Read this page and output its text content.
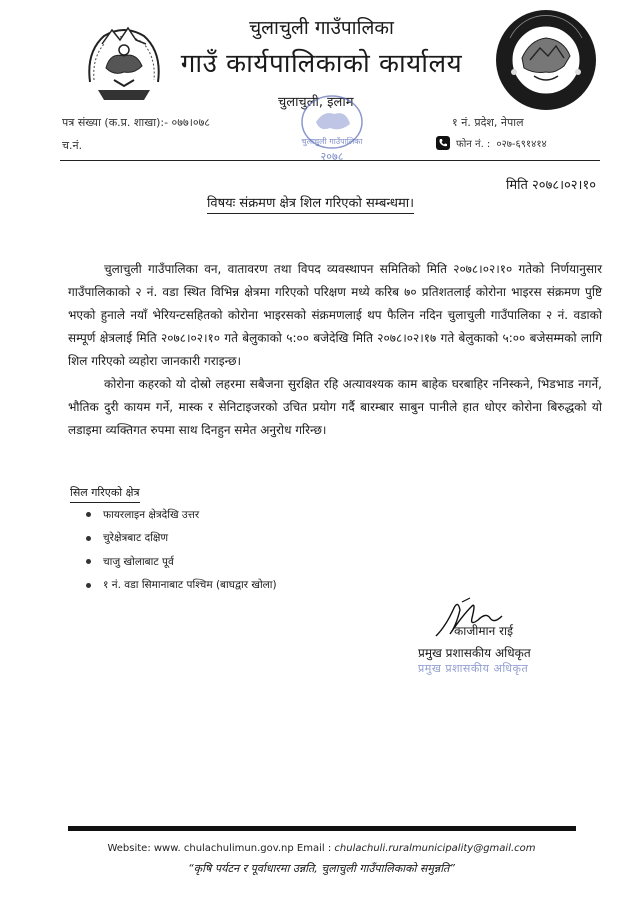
चुलाचुली गाउँपालिका
गाउँ कार्यपालिकाको कार्यालय
चुलाचुली, इलाम
पत्र संख्या (क.प्र. शाखा):- ०७७।०७८
च.नं.
१ नं. प्रदेश, नेपाल
फोन नं. : ०२७-६९१४१४
चुलाचुली गाउँपालिका
२०७८
मिति २०७८।०२।१०
विषयः संक्रमण क्षेत्र शिल गरिएको सम्बन्धमा।

चुलाचुली गाउँपालिका वन, वातावरण तथा विपद व्यवस्थापन समितिको मिति २०७८।०२।१० गतेको निर्णयानुसार गाउँपालिकाको २ नं. वडा स्थित विभिन्न क्षेत्रमा गरिएको परिक्षण मध्ये करिब ७० प्रतिशतलाई कोरोना भाइरस संक्रमण पुष्टि भएको हुनाले नयाँ भेरियन्टसहितको कोरोना भाइरसको संक्रमणलाई थप फैलिन नदिन चुलाचुली गाउँपालिका २ नं. वडाको सम्पूर्ण क्षेत्रलाई मिति २०७८।०२।१० गते बेलुकाको ५:०० बजेदेखि मिति २०७८।०२।१७ गते बेलुकाको ५:०० बजेसम्मको लागि शिल गरिएको व्यहोरा जानकारी गराइन्छ।

कोरोना कहरको यो दोस्रो लहरमा सबैजना सुरक्षित रहि अत्यावश्यक काम बाहेक घरबाहिर ननिस्कने, भिडभाड नगर्ने, भौतिक दुरी कायम गर्ने, मास्क र सेनिटाइजरको उचित प्रयोग गर्दै बारम्बार साबुन पानीले हात धोएर कोरोना बिरुद्धको यो लडाइमा व्यक्तिगत रुपमा साथ दिनहुन समेत अनुरोध गरिन्छ।

सिल गरिएको क्षेत्र
फायरलाइन क्षेत्रदेखि उत्तर
चुरेक्षेत्रबाट दक्षिण
चाजु खोलाबाट पूर्व
१ नं. वडा सिमानाबाट पश्चिम (बाघद्वार खोला)
काजीमान राई
प्रमुख प्रशासकीय अधिकृत
प्रमुख प्रशासकीय अधिकृत
Website: www. chulachulimun.gov.np Email : chulachuli.ruralmunicipality@gmail.com
“कृषि पर्यटन र पूर्वाधारमा उन्नति, चुलाचुली गाउँपालिकाको समुन्नति”
